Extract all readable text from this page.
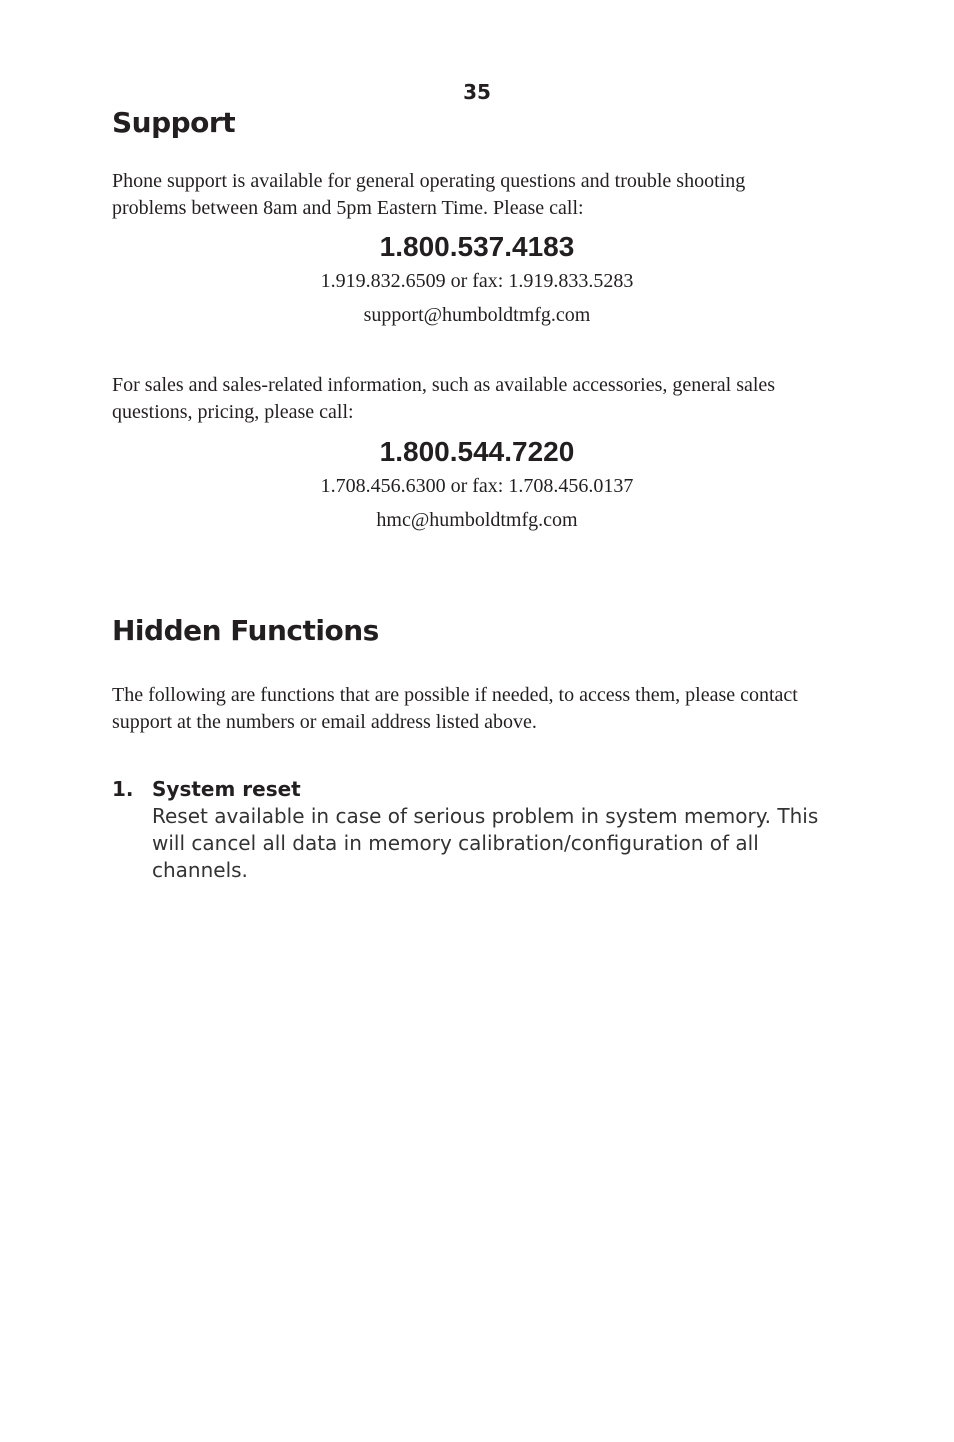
35
Support

Phone support is available for general operating questions and trouble shooting problems between 8am and 5pm Eastern Time. Please call:

1.800.537.4183
1.919.832.6509 or fax: 1.919.833.5283
support@humboldtmfg.com

For sales and sales-related information, such as available accessories, general sales questions, pricing, please call:

1.800.544.7220
1.708.456.6300 or fax: 1.708.456.0137
hmc@humboldtmfg.com
Hidden Functions

The following are functions that are possible if needed, to access them, please contact support at the numbers or email address listed above.

1. System reset
Reset available in case of serious problem in system memory. This will cancel all data in memory calibration/configuration of all channels.
